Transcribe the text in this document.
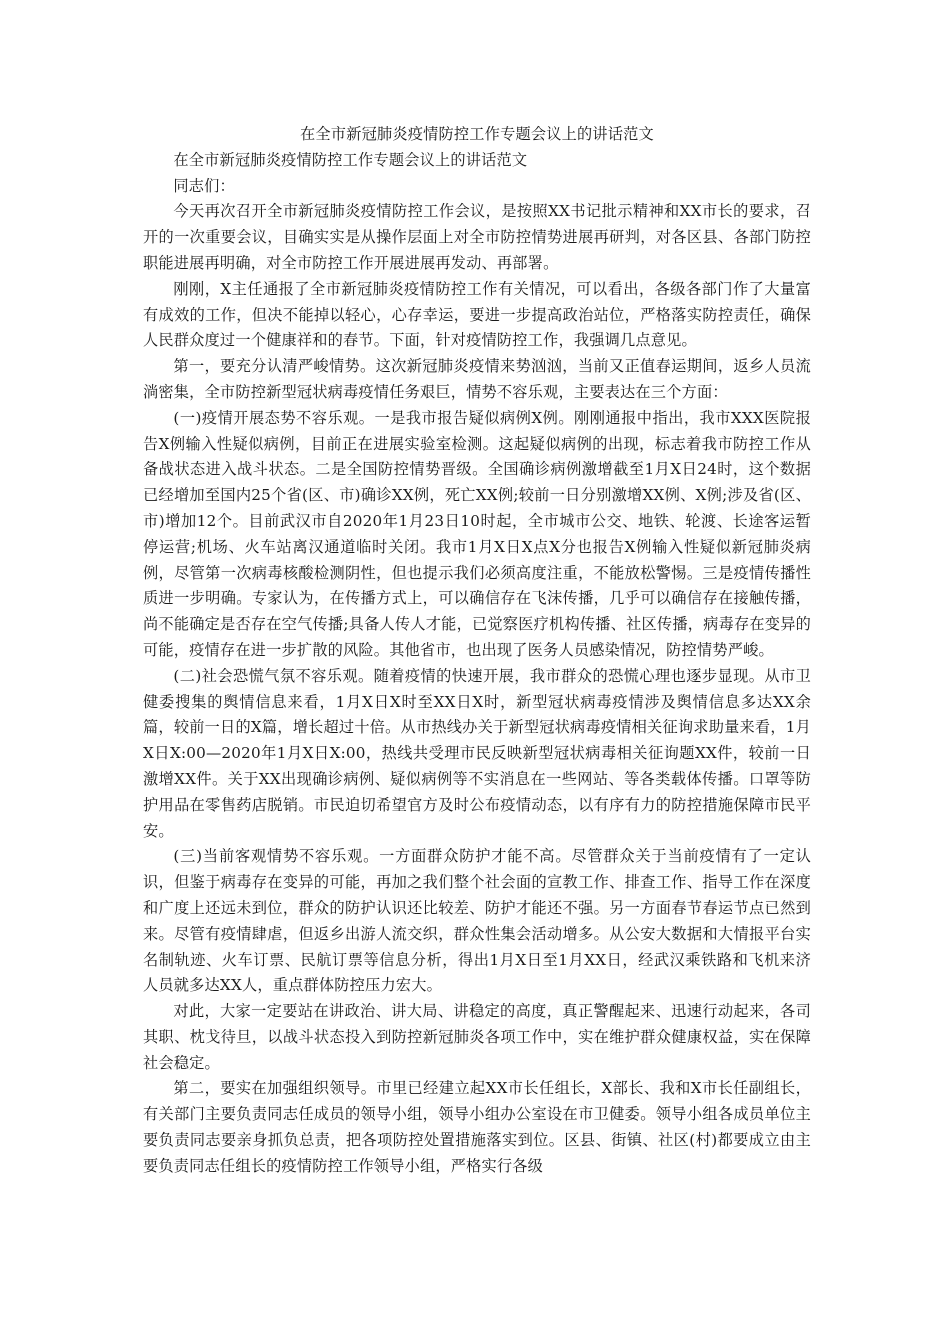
在全市新冠肺炎疫情防控工作专题会议上的讲话范文

在全市新冠肺炎疫情防控工作专题会议上的讲话范文

同志们：

今天再次召开全市新冠肺炎疫情防控工作会议，是按照XX书记批示精神和XX市长的要求，召开的一次重要会议，目确实实是从操作层面上对全市防控情势进展再研判，对各区县、各部门防控职能进展再明确，对全市防控工作开展进展再发动、再部署。

刚刚，X主任通报了全市新冠肺炎疫情防控工作有关情况，可以看出，各级各部门作了大量富有成效的工作，但决不能掉以轻心，心存幸运，要进一步提高政治站位，严格落实防控责任，确保人民群众度过一个健康祥和的春节。下面，针对疫情防控工作，我强调几点意见。

第一，要充分认清严峻情势。这次新冠肺炎疫情来势汹汹，当前又正值春运期间，返乡人员流淌密集，全市防控新型冠状病毒疫情任务艰巨，情势不容乐观，主要表达在三个方面：

(一)疫情开展态势不容乐观。一是我市报告疑似病例X例。刚刚通报中指出，我市XXX医院报告X例输入性疑似病例，目前正在进展实验室检测。这起疑似病例的出现，标志着我市防控工作从备战状态进入战斗状态。二是全国防控情势晋级。全国确诊病例激增截至1月X日24时，这个数据已经增加至国内25个省(区、市)确诊XX例，死亡XX例;较前一日分别激增XX例、X例;涉及省(区、市)增加12个。目前武汉市自2020年1月23日10时起，全市城市公交、地铁、轮渡、长途客运暂停运营;机场、火车站离汉通道临时关闭。我市1月X日X点X分也报告X例输入性疑似新冠肺炎病例，尽管第一次病毒核酸检测阴性，但也提示我们必须高度注重，不能放松警惕。三是疫情传播性质进一步明确。专家认为，在传播方式上，可以确信存在飞沫传播，几乎可以确信存在接触传播，尚不能确定是否存在空气传播;具备人传人才能，已觉察医疗机构传播、社区传播，病毒存在变异的可能，疫情存在进一步扩散的风险。其他省市，也出现了医务人员感染情况，防控情势严峻。

(二)社会恐慌气氛不容乐观。随着疫情的快速开展，我市群众的恐慌心理也逐步显现。从市卫健委搜集的舆情信息来看，1月X日X时至XX日X时，新型冠状病毒疫情涉及舆情信息多达XX余篇，较前一日的X篇，增长超过十倍。从市热线办关于新型冠状病毒疫情相关征询求助量来看，1月X日X:00—2020年1月X日X:00，热线共受理市民反映新型冠状病毒相关征询题XX件，较前一日激增XX件。关于XX出现确诊病例、疑似病例等不实消息在一些网站、等各类载体传播。口罩等防护用品在零售药店脱销。市民迫切希望官方及时公布疫情动态，以有序有力的防控措施保障市民平安。

(三)当前客观情势不容乐观。一方面群众防护才能不高。尽管群众关于当前疫情有了一定认识，但鉴于病毒存在变异的可能，再加之我们整个社会面的宣教工作、排查工作、指导工作在深度和广度上还远未到位，群众的防护认识还比较差、防护才能还不强。另一方面春节春运节点已然到来。尽管有疫情肆虐，但返乡出游人流交织，群众性集会活动增多。从公安大数据和大情报平台实名制轨迹、火车订票、民航订票等信息分析，得出1月X日至1月XX日，经武汉乘铁路和飞机来济人员就多达XX人，重点群体防控压力宏大。

对此，大家一定要站在讲政治、讲大局、讲稳定的高度，真正警醒起来、迅速行动起来，各司其职、枕戈待旦，以战斗状态投入到防控新冠肺炎各项工作中，实在维护群众健康权益，实在保障社会稳定。

第二，要实在加强组织领导。市里已经建立起XX市长任组长，X部长、我和X市长任副组长，有关部门主要负责同志任成员的领导小组，领导小组办公室设在市卫健委。领导小组各成员单位主要负责同志要亲身抓负总责，把各项防控处置措施落实到位。区县、街镇、社区(村)都要成立由主要负责同志任组长的疫情防控工作领导小组，严格实行各级
